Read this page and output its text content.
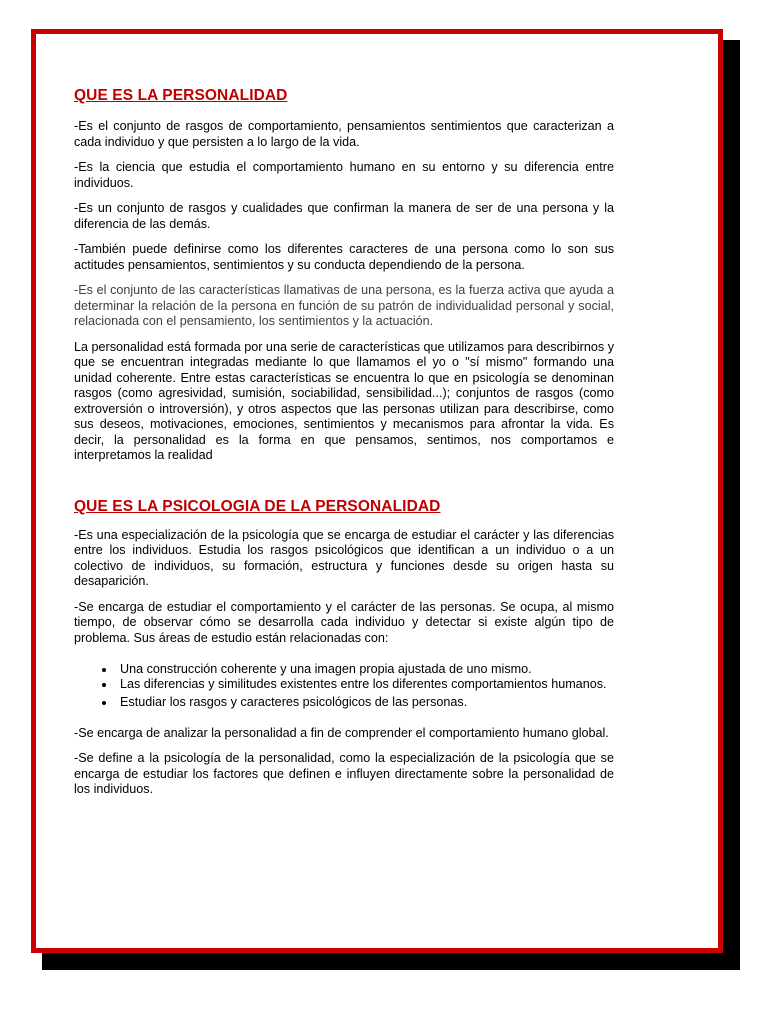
QUE ES LA PERSONALIDAD

-Es el conjunto de rasgos de comportamiento, pensamientos sentimientos que caracterizan a cada individuo y que persisten a lo largo de la vida.

-Es la ciencia que estudia el comportamiento humano en su entorno y su diferencia entre individuos.

-Es un conjunto de rasgos y cualidades que confirman la manera de ser de una persona y la diferencia de las demás.

-También puede definirse como los diferentes caracteres de una persona como lo son sus actitudes pensamientos, sentimientos y su conducta dependiendo de la persona.

-Es el conjunto de las características llamativas de una persona, es la fuerza activa que ayuda a determinar la relación de la persona en función de su patrón de individualidad personal y social, relacionada con el pensamiento, los sentimientos y la actuación.

La personalidad está formada por una serie de características que utilizamos para describirnos y que se encuentran integradas mediante lo que llamamos el yo o "sí mismo" formando una unidad coherente. Entre estas características se encuentra lo que en psicología se denominan rasgos (como agresividad, sumisión, sociabilidad, sensibilidad...); conjuntos de rasgos (como extroversión o introversión), y otros aspectos que las personas utilizan para describirse, como sus deseos, motivaciones, emociones, sentimientos y mecanismos para afrontar la vida. Es decir, la personalidad es la forma en que pensamos, sentimos, nos comportamos e interpretamos la realidad

QUE ES LA PSICOLOGIA DE LA PERSONALIDAD

-Es una especialización de la psicología que se encarga de estudiar el carácter y las diferencias entre los individuos. Estudia los rasgos psicológicos que identifican a un individuo o a un colectivo de individuos, su formación, estructura y funciones desde su origen hasta su desaparición.

-Se encarga de estudiar el comportamiento y el carácter de las personas. Se ocupa, al mismo tiempo, de observar cómo se desarrolla cada individuo y detectar si existe algún tipo de problema. Sus áreas de estudio están relacionadas con:

• Una construcción coherente y una imagen propia ajustada de uno mismo.
• Las diferencias y similitudes existentes entre los diferentes comportamientos humanos.
• Estudiar los rasgos y caracteres psicológicos de las personas.

-Se encarga de analizar la personalidad a fin de comprender el comportamiento humano global.

-Se define a la psicología de la personalidad, como la especialización de la psicología que se encarga de estudiar los factores que definen e influyen directamente sobre la personalidad de los individuos.
